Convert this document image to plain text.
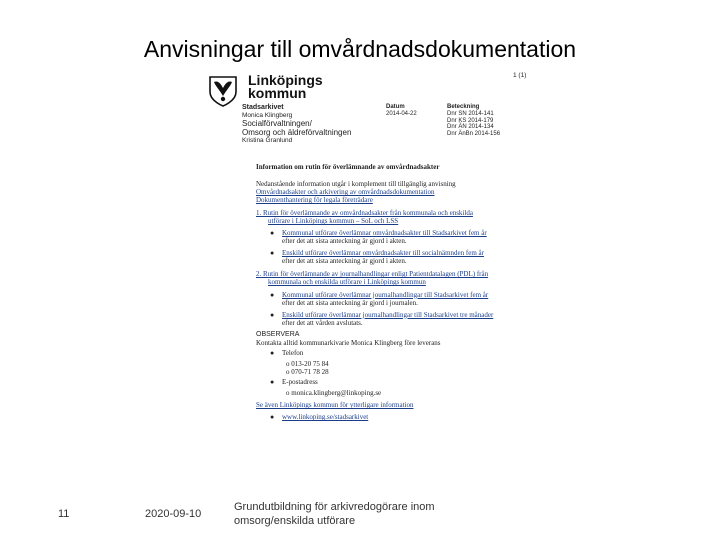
Anvisningar till omvårdnadsdokumentation
1 (1)
Linköpings
kommun
Stadsarkivet
Monica Klingberg
Socialförvaltningen/
Omsorg och äldreförvaltningen
Kristina Granlund
Datum
2014-04-22
Beteckning
Dnr SN 2014-141
Dnr KS 2014-179
Dnr ÄN 2014-134
Dnr ÄnBn 2014-156
Information om rutin för överlämnande av omvårdnadsakter
Nedanstående information utgår i komplement till tillgänglig anvisning
Omvårdnadsakter och arkivering av omvårdnadsdokumentation
Dokumenthantering för legala företrädare
1. Rutin för överlämnande av omvårdnadsakter från kommunala och enskilda
utförare i Linköpings kommun – SoL och LSS
● Kommunal utförare överlämnar omvårdnadsakter till Stadsarkivet fem år
efter det att sista anteckning är gjord i akten.
● Enskild utförare överlämnar omvårdnadsakter till socialnämnden fem år
efter det att sista anteckning är gjord i akten.
2. Rutin för överlämnande av journalhandlingar enligt Patientdatalagen (PDL) från
kommunala och enskilda utförare i Linköpings kommun
● Kommunal utförare överlämnar journalhandlingar till Stadsarkivet fem år
efter det att sista anteckning är gjord i journalen.
● Enskild utförare överlämnar journalhandlingar till Stadsarkivet tre månader
efter det att vården avslutats.
OBSERVERA
Kontakta alltid kommunarkivarie Monica Klingberg före leverans
● Telefon
o 013-20 75 84
o 070-71 78 28
● E-postadress
o monica.klingberg@linkoping.se
Se även Linköpings kommun för ytterligare information
● www.linkoping.se/stadsarkivet
11	2020-09-10
Grundutbildning för arkivredogörare inom omsorg/enskilda utförare
